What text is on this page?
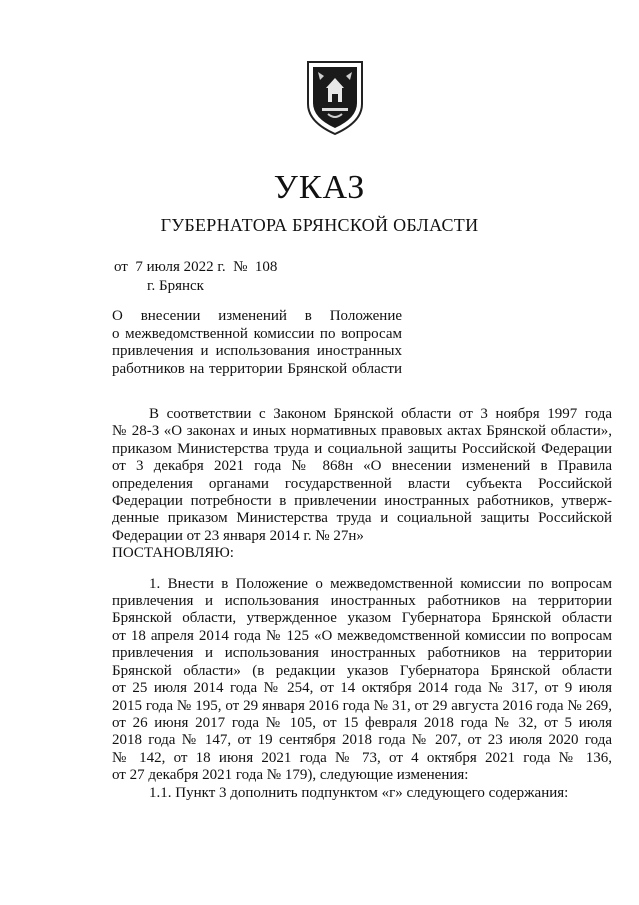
УКАЗ
ГУБЕРНАТОРА БРЯНСКОЙ ОБЛАСТИ
от  7 июля 2022 г.  №  108
г. Брянск
О внесении изменений в Положение
о межведомственной комиссии по вопросам
привлечения и использования иностранных
работников на территории Брянской области
В соответствии с Законом Брянской области от 3 ноября 1997 года
№ 28-З «О законах и иных нормативных правовых актах Брянской области»,
приказом Министерства труда и социальной защиты Российской Федерации
от 3 декабря 2021 года № 868н «О внесении изменений в Правила
определения органами государственной власти субъекта Российской
Федерации потребности в привлечении иностранных работников, утверж-
денные приказом Министерства труда и социальной защиты Российской
Федерации от 23 января 2014 г. № 27н»
ПОСТАНОВЛЯЮ:
1. Внести в Положение о межведомственной комиссии по вопросам
привлечения и использования иностранных работников на территории
Брянской области, утвержденное указом Губернатора Брянской области
от 18 апреля 2014 года № 125 «О межведомственной комиссии по вопросам
привлечения и использования иностранных работников на территории
Брянской области» (в редакции указов Губернатора Брянской области
от 25 июля 2014 года № 254, от 14 октября 2014 года № 317, от 9 июля
2015 года № 195, от 29 января 2016 года № 31, от 29 августа 2016 года № 269,
от 26 июня 2017 года № 105, от 15 февраля 2018 года № 32, от 5 июля
2018 года № 147, от 19 сентября 2018 года № 207, от 23 июля 2020 года
№ 142, от 18 июня 2021 года № 73, от 4 октября 2021 года № 136,
от 27 декабря 2021 года № 179), следующие изменения:
1.1. Пункт 3 дополнить подпунктом «г» следующего содержания:
